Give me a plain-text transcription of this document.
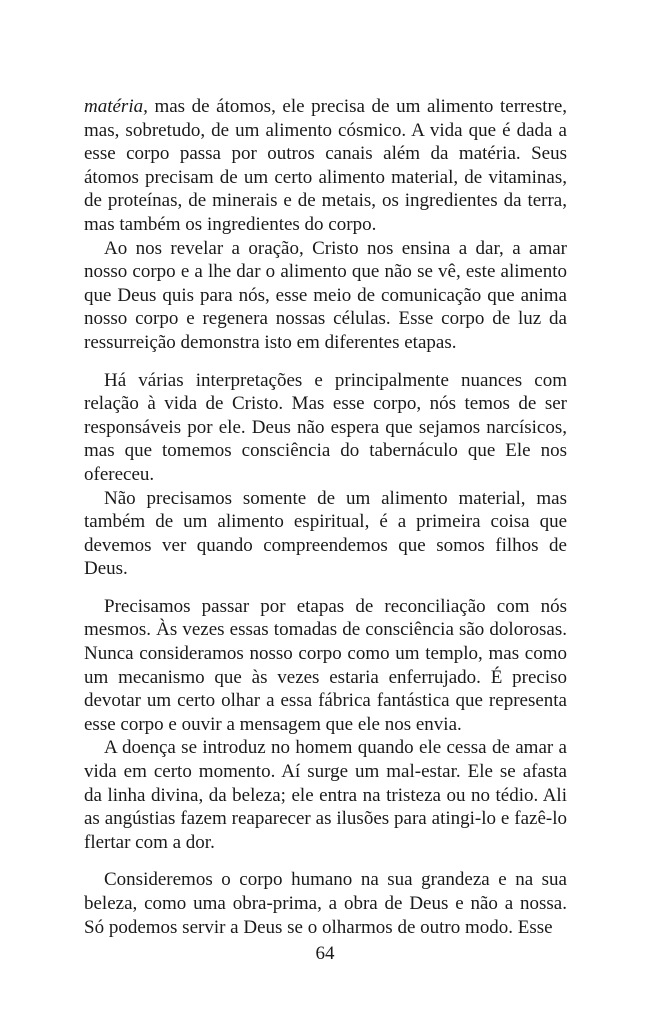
matéria, mas de átomos, ele precisa de um alimento terrestre, mas, sobretudo, de um alimento cósmico. A vida que é dada a esse corpo passa por outros canais além da matéria. Seus átomos precisam de um certo alimento material, de vitaminas, de proteínas, de minerais e de metais, os ingredientes da terra, mas também os ingredientes do corpo.

Ao nos revelar a oração, Cristo nos ensina a dar, a amar nosso corpo e a lhe dar o alimento que não se vê, este alimento que Deus quis para nós, esse meio de comunicação que anima nosso corpo e regenera nossas células. Esse corpo de luz da ressurreição demonstra isto em diferentes etapas.

Há várias interpretações e principalmente nuances com relação à vida de Cristo. Mas esse corpo, nós temos de ser responsáveis por ele. Deus não espera que sejamos narcísicos, mas que tomemos consciência do tabernáculo que Ele nos ofereceu.

Não precisamos somente de um alimento material, mas também de um alimento espiritual, é a primeira coisa que devemos ver quando compreendemos que somos filhos de Deus.

Precisamos passar por etapas de reconciliação com nós mesmos. Às vezes essas tomadas de consciência são dolorosas. Nunca consideramos nosso corpo como um templo, mas como um mecanismo que às vezes estaria enferrujado. É preciso devotar um certo olhar a essa fábrica fantástica que representa esse corpo e ouvir a mensagem que ele nos envia.

A doença se introduz no homem quando ele cessa de amar a vida em certo momento. Aí surge um mal-estar. Ele se afasta da linha divina, da beleza; ele entra na tristeza ou no tédio. Ali as angústias fazem reaparecer as ilusões para atingi-lo e fazê-lo flertar com a dor.

Consideremos o corpo humano na sua grandeza e na sua beleza, como uma obra-prima, a obra de Deus e não a nossa. Só podemos servir a Deus se o olharmos de outro modo. Esse

64
